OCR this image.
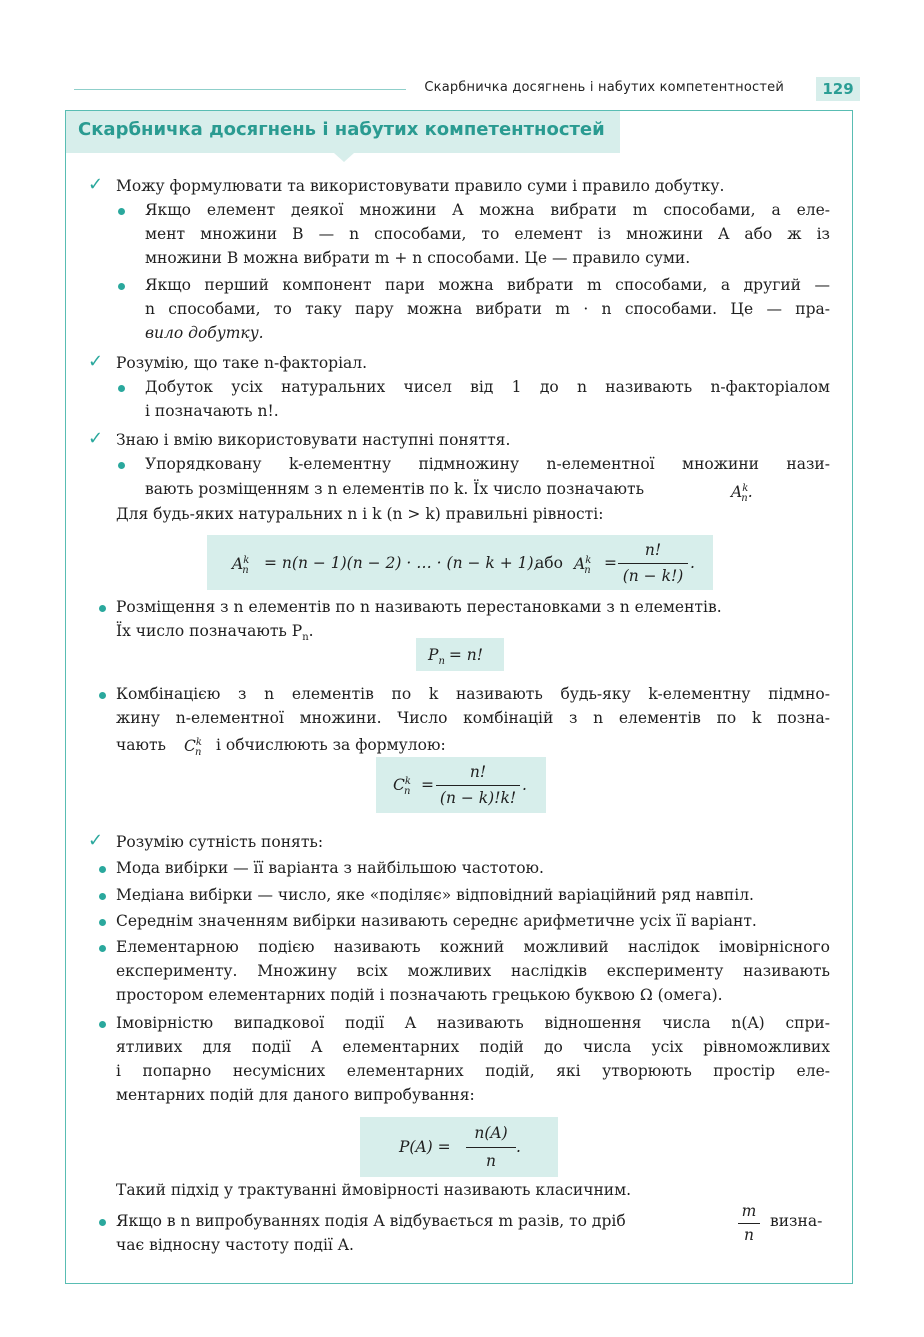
Скарбничка досягнень і набутих компетентностей	129
Скарбничка досягнень і набутих компетентностей
✓ Можу формулювати та використовувати правило суми і правило добутку.
Якщо елемент деякої множини A можна вибрати m способами, а еле-
мент множини B — n способами, то елемент із множини A або ж із
множини B можна вибрати m + n способами. Це — правило суми.
Якщо перший компонент пари можна вибрати m способами, а другий —
n способами, то таку пару можна вибрати m · n способами. Це — пра-
вило добутку.
✓ Розумію, що таке n-факторіал.
Добуток усіх натуральних чисел від 1 до n називають n-факторіалом
і позначають n!.
✓ Знаю і вмію використовувати наступні поняття.
Упорядковану k-елементну підмножину n-елементної множини нази-
вають розміщенням з n елементів по k. Їх число позначають	$A^k_n$.
Для будь-яких натуральних n і k (n > k) правильні рівності:
$A^k_n = n(n - 1)(n - 2)$ · … · (n − k + 1),
або $A^k_n$ =
n!
(n − k!)
.
Розміщення з n елементів по n називають перестановками з n елементів.
Їх число позначають $P_n$.
$P_n = n$!
Комбінацією з n елементів по k називають будь-яку k-елементну підмно-
жину n-елементної множини. Число комбінацій з n елементів по k позна-
чають $C^k_n$ і обчислюють за формулою:
$C^k_n$ =
n!
(n − k)!k!
.
✓ Розумію сутність понять:
Мода вибірки — її варіанта з найбільшою частотою.
Медіана вибірки — число, яке «поділяє» відповідний варіаційний ряд навпіл.
Середнім значенням вибірки називають середнє арифметичне усіх її варіант.
Елементарною подією називають кожний можливий наслідок імовірнісного
експерименту. Множину всіх можливих наслідків експерименту називають
простором елементарних подій і позначають грецькою буквою Ω (омега).
Імовірністю випадкової події A називають відношення числа n(A) спри-
ятливих для події A елементарних подій до числа усіх рівноможливих
і попарно несумісних елементарних подій, які утворюють простір еле-
ментарних подій для даного випробування:
P(A) =
n(A)
n
.
Такий підхід у трактуванні ймовірності називають класичним.
Якщо в n випробуваннях подія A відбувається m разів, то дріб
m
n
визна-
чає відносну частоту події A.
